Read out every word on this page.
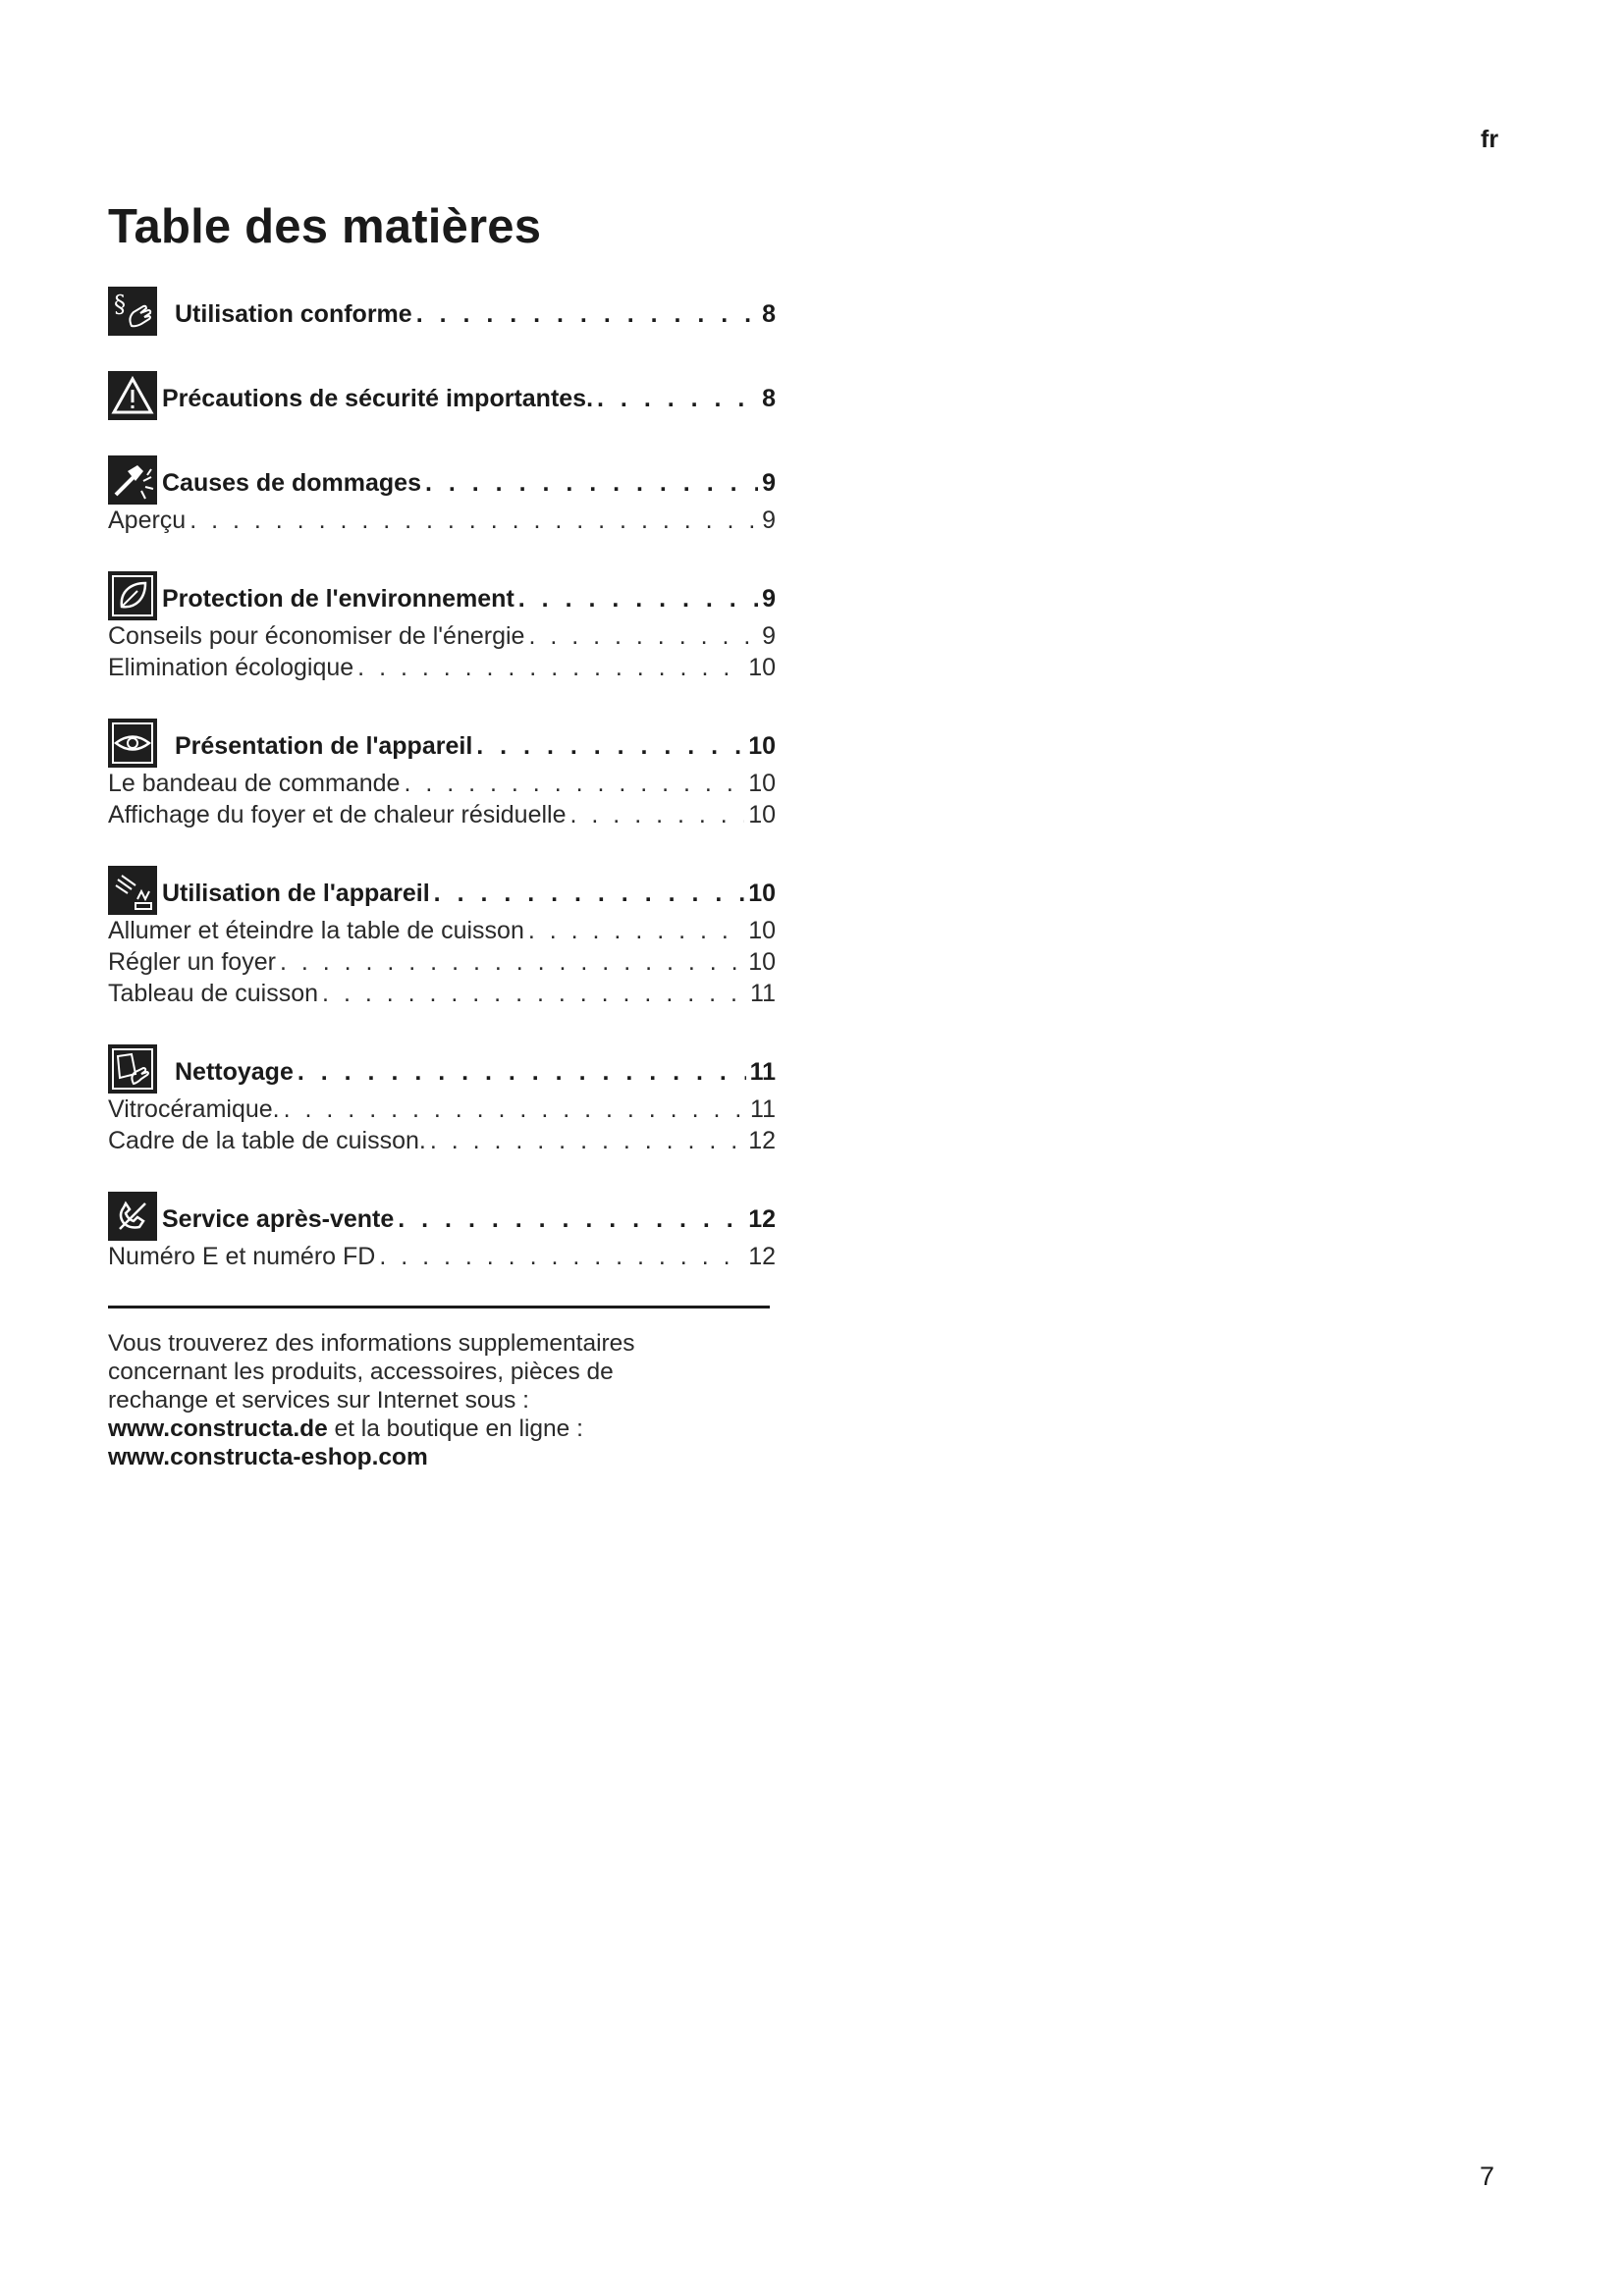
fr
Table des matières
§ Utilisation conforme . . .	8
Précautions de sécurité importantes. . . .	8
Causes de dommages . . .	9
Aperçu . . .	9
Protection de l'environnement . . .	9
Conseils pour économiser de l'énergie . . .	9
Elimination écologique . . .	10
Présentation de l'appareil . . .	10
Le bandeau de commande . . .	10
Affichage du foyer et de chaleur résiduelle . . .	10
Utilisation de l'appareil . . .	10
Allumer et éteindre la table de cuisson . . .	10
Régler un foyer . . .	10
Tableau de cuisson . . .	11
Nettoyage . . .	11
Vitrocéramique. . . .	11
Cadre de la table de cuisson. . . .	12
Service après-vente . . .	12
Numéro E et numéro FD . . .	12

Vous trouverez des informations supplementaires
concernant les produits, accessoires, pièces de
rechange et services sur Internet sous :
www.constructa.de et la boutique en ligne :
www.constructa-eshop.com

7
